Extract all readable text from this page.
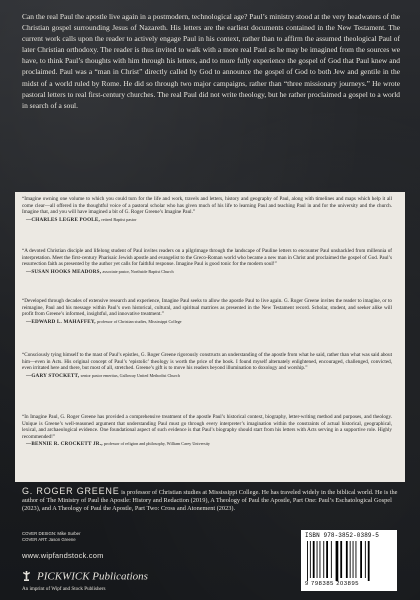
Can the real Paul the apostle live again in a postmodern, technological age? Paul’s ministry stood at the very headwaters of the Christian gospel surrounding Jesus of Nazareth. His letters are the earliest documents contained in the New Testament. The current work calls upon the reader to actively engage Paul in his context, rather than to affirm the assumed theological Paul of later Christian orthodoxy. The reader is thus invited to walk with a more real Paul as he may be imagined from the sources we have, to think Paul’s thoughts with him through his letters, and to more fully experience the gospel of God that Paul knew and proclaimed. Paul was a “man in Christ” directly called by God to announce the gospel of God to both Jew and gentile in the midst of a world ruled by Rome. He did so through two major campaigns, rather than “three missionary journeys.” He wrote pastoral letters to real first-century churches. The real Paul did not write theology, but he rather proclaimed a gospel to a world in search of a soul.
“Imagine owning one volume to which you could turn for the life and work, travels and letters, history and geography of Paul, along with timelines and maps which help it all come clear—all offered in the thoughtful voice of a pastoral scholar who has given much of his life to learning Paul and teaching Paul in and for the university and the church. Imagine that, and you will have imagined a bit of G. Roger Greene’s Imagine Paul.”
—CHARLES LEGRE POOLE, retired Baptist pastor
“A devoted Christian disciple and lifelong student of Paul invites readers on a pilgrimage through the landscape of Pauline letters to encounter Paul unshackled from millennia of interpretation. Meet the first-century Pharisaic Jewish apostle and evangelist to the Greco-Roman world who became a new man in Christ and proclaimed the gospel of God. Paul’s resurrection faith as presented by the author yet calls for faithful response. Imagine Paul is good tonic for the modern soul!”
—SUSAN HOOKS MEADORS, associate pastor, Northside Baptist Church
“Developed through decades of extensive research and experience, Imagine Paul seeks to allow the apostle Paul to live again. G. Roger Greene invites the reader to imagine, or to reimagine, Paul and his message within Paul’s own historical, cultural, and spiritual matrices as presented in the New Testament record. Scholar, student, and seeker alike will profit from Greene’s informed, insightful, and innovative treatment.”
—EDWARD L. MAHAFFEY, professor of Christian studies, Mississippi College
“Consciously tying himself to the mast of Paul’s epistles, G. Roger Greene rigorously constructs an understanding of the apostle from what he said, rather than what was said about him—even in Acts. His original concept of Paul’s ‘epistolic’ theology is worth the price of the book. I found myself alternately enlightened, encouraged, challenged, convicted, even irritated here and there, but most of all, stretched. Greene’s gift is to move his readers beyond illumination to doxology and worship.”
—GARY STOCKETT, senior pastor emeritus, Galloway United Methodist Church
“In Imagine Paul, G. Roger Greene has provided a comprehensive treatment of the apostle Paul’s historical context, biography, letter-writing method and purposes, and theology. Unique is Greene’s well-reasoned argument that understanding Paul must go through every interpreter’s imagination within the constraints of actual historical, geographical, lexical, and archaeological evidence. One foundational aspect of such evidence is that Paul’s biography should start from his letters with Acts serving in a supportive role. Highly recommended!”
—BENNIE R. CROCKETT JR., professor of religion and philosophy, William Carey University
G. ROGER GREENE is professor of Christian studies at Mississippi College. He has traveled widely in the biblical world. He is the author of The Ministry of Paul the Apostle: History and Redaction (2019), A Theology of Paul the Apostle, Part One: Paul’s Eschatological Gospel (2023), and A Theology of Paul the Apostle, Part Two: Cross and Atonement (2023).
COVER DESIGN: Mike Surber
COVER ART: Jason Greene
www.wipfandstock.com
PICKWICK Publications
An imprint of Wipf and Stock Publishers
ISBN 978-3852-0389-5
9 798385 203895
